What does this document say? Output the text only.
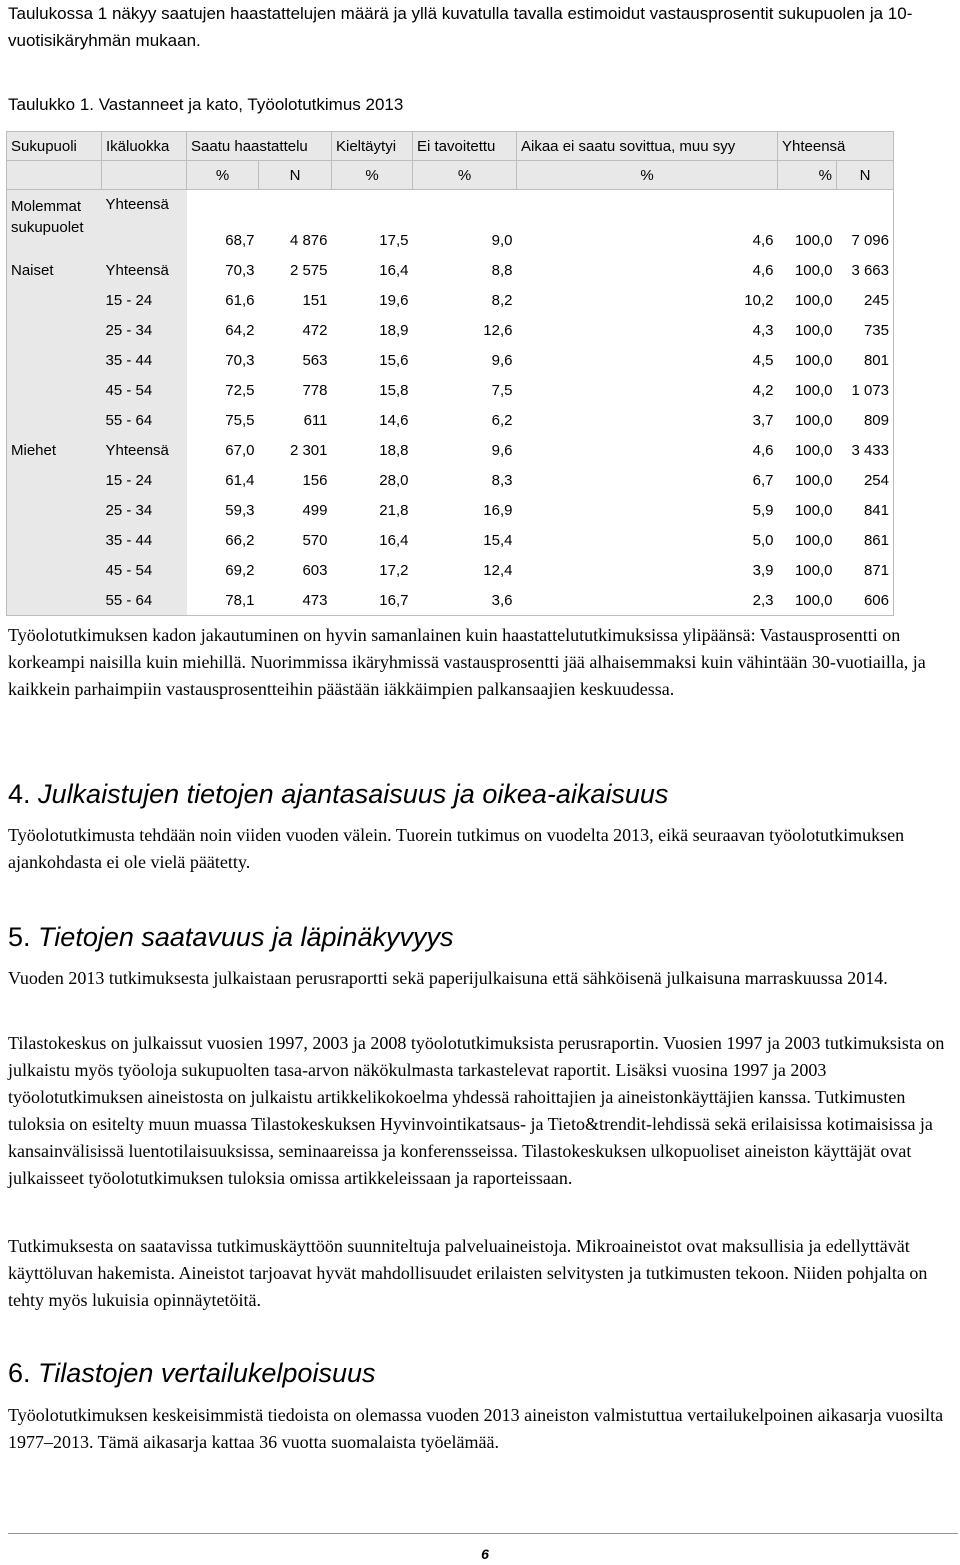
Taulukossa 1 näkyy saatujen haastattelujen määrä ja yllä kuvatulla tavalla estimoidut vastausprosentit sukupuolen ja 10-vuotisikäryhmän mukaan.
Taulukko 1. Vastanneet ja kato, Työolotutkimus 2013
Sukupuoli	Ikäluokka	Saatu haastattelu		Kieltäytyi	Ei tavoitettu	Aikaa ei saatu sovittua, muu syy	Yhteensä	
		%	N	%	%	%	%	N
Molemmat sukupuolet	Yhteensä	68,7	4 876	17,5	9,0	4,6	100,0	7 096
Naiset	Yhteensä	70,3	2 575	16,4	8,8	4,6	100,0	3 663
	15 - 24	61,6	151	19,6	8,2	10,2	100,0	245
	25 - 34	64,2	472	18,9	12,6	4,3	100,0	735
	35 - 44	70,3	563	15,6	9,6	4,5	100,0	801
	45 - 54	72,5	778	15,8	7,5	4,2	100,0	1 073
	55 - 64	75,5	611	14,6	6,2	3,7	100,0	809
Miehet	Yhteensä	67,0	2 301	18,8	9,6	4,6	100,0	3 433
	15 - 24	61,4	156	28,0	8,3	6,7	100,0	254
	25 - 34	59,3	499	21,8	16,9	5,9	100,0	841
	35 - 44	66,2	570	16,4	15,4	5,0	100,0	861
	45 - 54	69,2	603	17,2	12,4	3,9	100,0	871
	55 - 64	78,1	473	16,7	3,6	2,3	100,0	606
Työolotutkimuksen kadon jakautuminen on hyvin samanlainen kuin haastattelututkimuksissa ylipäänsä: Vastausprosentti on korkeampi naisilla kuin miehillä. Nuorimmissa ikäryhmissä vastausprosentti jää alhaisemmaksi kuin vähintään 30-vuotiailla, ja kaikkein parhaimpiin vastausprosentteihin päästään iäkkäimpien palkansaajien keskuudessa.
4. Julkaistujen tietojen ajantasaisuus ja oikea-aikaisuus
Työolotutkimusta tehdään noin viiden vuoden välein. Tuorein tutkimus on vuodelta 2013, eikä seuraavan työolotutkimuksen ajankohdasta ei ole vielä päätetty.
5. Tietojen saatavuus ja läpinäkyvyys
Vuoden 2013 tutkimuksesta julkaistaan perusraportti sekä paperijulkaisuna että sähköisenä julkaisuna marraskuussa 2014.
Tilastokeskus on julkaissut vuosien 1997, 2003 ja 2008 työolotutkimuksista perusraportin. Vuosien 1997 ja 2003 tutkimuksista on julkaistu myös työoloja sukupuolten tasa-arvon näkökulmasta tarkastelevat raportit. Lisäksi vuosina 1997 ja 2003 työolotutkimuksen aineistosta on julkaistu artikkelikokoelma yhdessä rahoittajien ja aineistonkäyttäjien kanssa. Tutkimusten tuloksia on esitelty muun muassa Tilastokeskuksen Hyvinvointikatsaus- ja Tieto&trendit-lehdissä sekä erilaisissa kotimaisissa ja kansainvälisissä luentotilaisuuksissa, seminaareissa ja konferensseissa. Tilastokeskuksen ulkopuoliset aineiston käyttäjät ovat julkaisseet työolotutkimuksen tuloksia omissa artikkeleissaan ja raporteissaan.
Tutkimuksesta on saatavissa tutkimuskäyttöön suunniteltuja palveluaineistoja. Mikroaineistot ovat maksullisia ja edellyttävät käyttöluvan hakemista. Aineistot tarjoavat hyvät mahdollisuudet erilaisten selvitysten ja tutkimusten tekoon. Niiden pohjalta on tehty myös lukuisia opinnäytetöitä.
6. Tilastojen vertailukelpoisuus
Työolotutkimuksen keskeisimmistä tiedoista on olemassa vuoden 2013 aineiston valmistuttua vertailukelpoinen aikasarja vuosilta 1977–2013. Tämä aikasarja kattaa 36 vuotta suomalaista työelämää.
6
